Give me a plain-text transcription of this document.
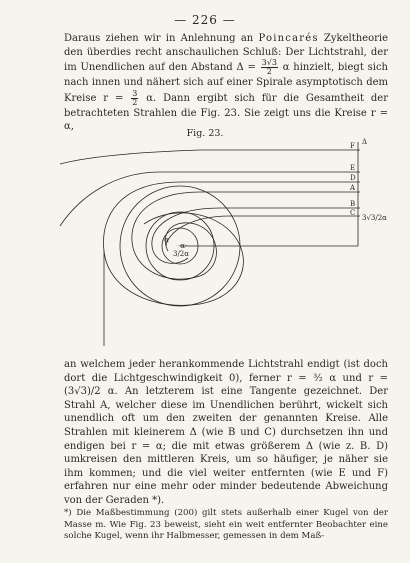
— 226 —

Daraus ziehen wir in Anlehnung an Poincarés Zykeltheorie den überdies recht anschaulichen Schluß: Der Lichtstrahl, der im Unendlichen auf den Abstand $\Delta = \frac{3√3}{2}$ α hinzielt, biegt sich nach innen und nähert sich auf einer Spirale asymptotisch dem Kreise $r = \frac{3}{2} \alpha$. Dann ergibt sich für die Gesamtheit der betrachteten Strahlen die Fig. 23. Sie zeigt uns die Kreise r = α,

Fig. 23.
Δ
F
E
D
A
B
C
3√3/2α
α
3/2α
·α·

an welchem jeder herankommende Lichtstrahl endigt (ist doch dort die Lichtgeschwindigkeit 0), ferner r = ³⁄₂ α und r = (3√3)/2 α. An letzterem ist eine Tangente gezeichnet. Der Strahl A, welcher diese im Unendlichen berührt, wickelt sich unendlich oft um den zweiten der genannten Kreise. Alle Strahlen mit kleinerem Δ (wie B und C) durchsetzen ihn und endigen bei r = α; die mit etwas größerem Δ (wie z. B. D) umkreisen den mittleren Kreis, um so häufiger, je näher sie ihm kommen; und die viel weiter entfernten (wie E und F) erfahren nur eine mehr oder minder bedeutende Abweichung von der Geraden *).

*) Die Maßbestimmung (200) gilt stets außerhalb einer Kugel von der Masse m. Wie Fig. 23 beweist, sieht ein weit entfernter Beobachter eine solche Kugel, wenn ihr Halbmesser, gemessen in dem Maß-
